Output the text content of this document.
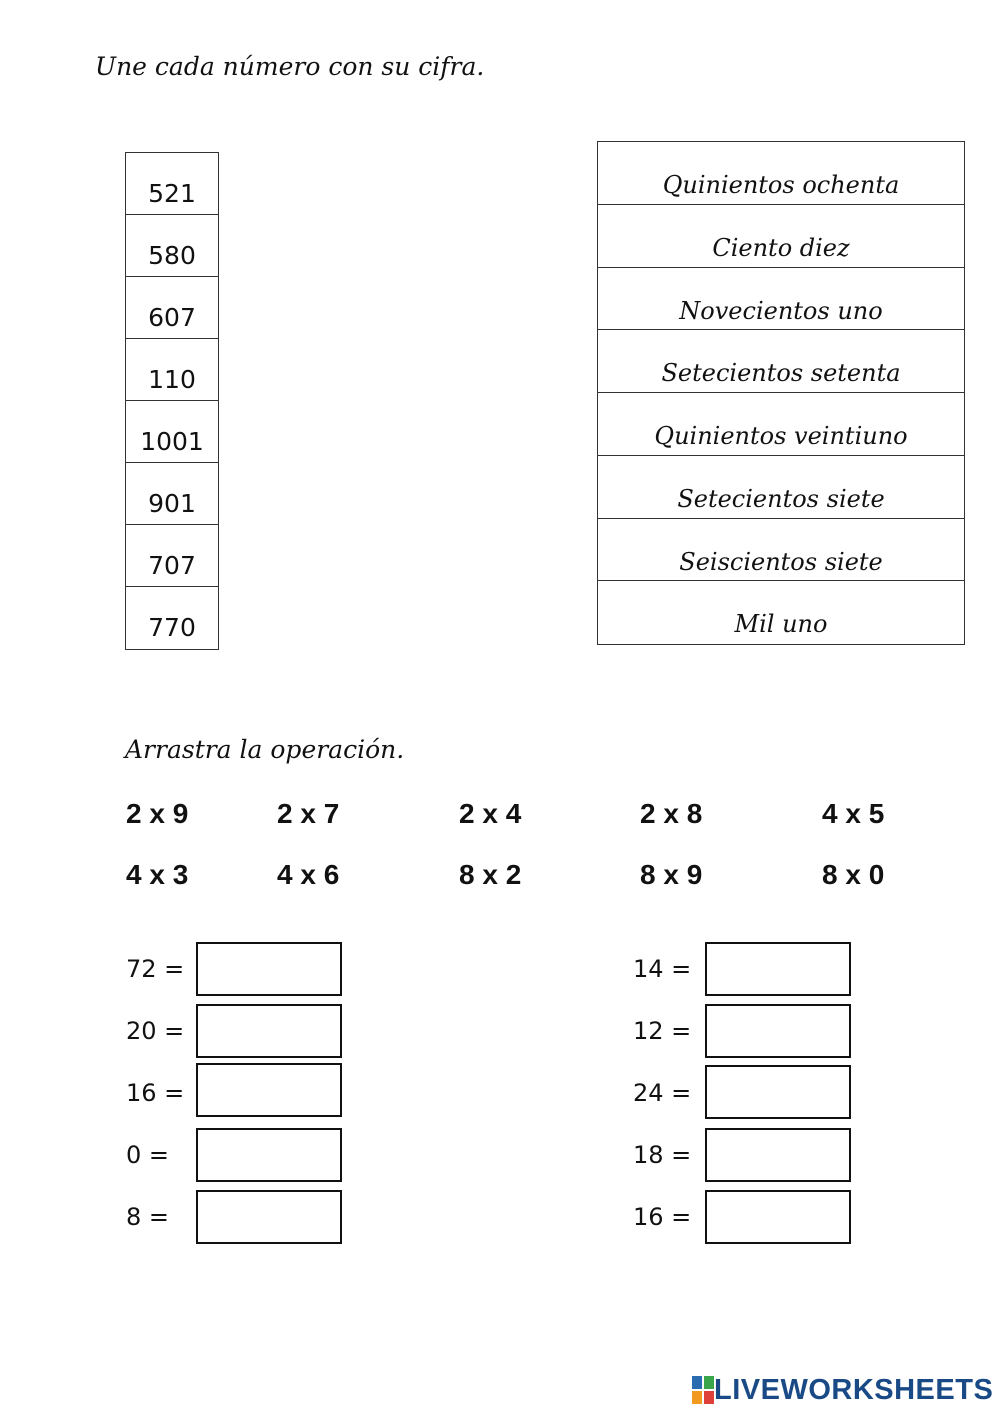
Une cada número con su cifra.
521
580
607
110
1001
901
707
770
Quinientos ochenta
Ciento diez
Novecientos uno
Setecientos setenta
Quinientos veintiuno
Setecientos siete
Seiscientos siete
Mil uno
Arrastra la operación.
2 x 9	2 x 7	2 x 4	2 x 8	4 x 5
4 x 3	4 x 6	8 x 2	8 x 9	8 x 0
72 =
20 =
16 =
0 =
8 =
14 =
12 =
24 =
18 =
16 =
LIVEWORKSHEETS
